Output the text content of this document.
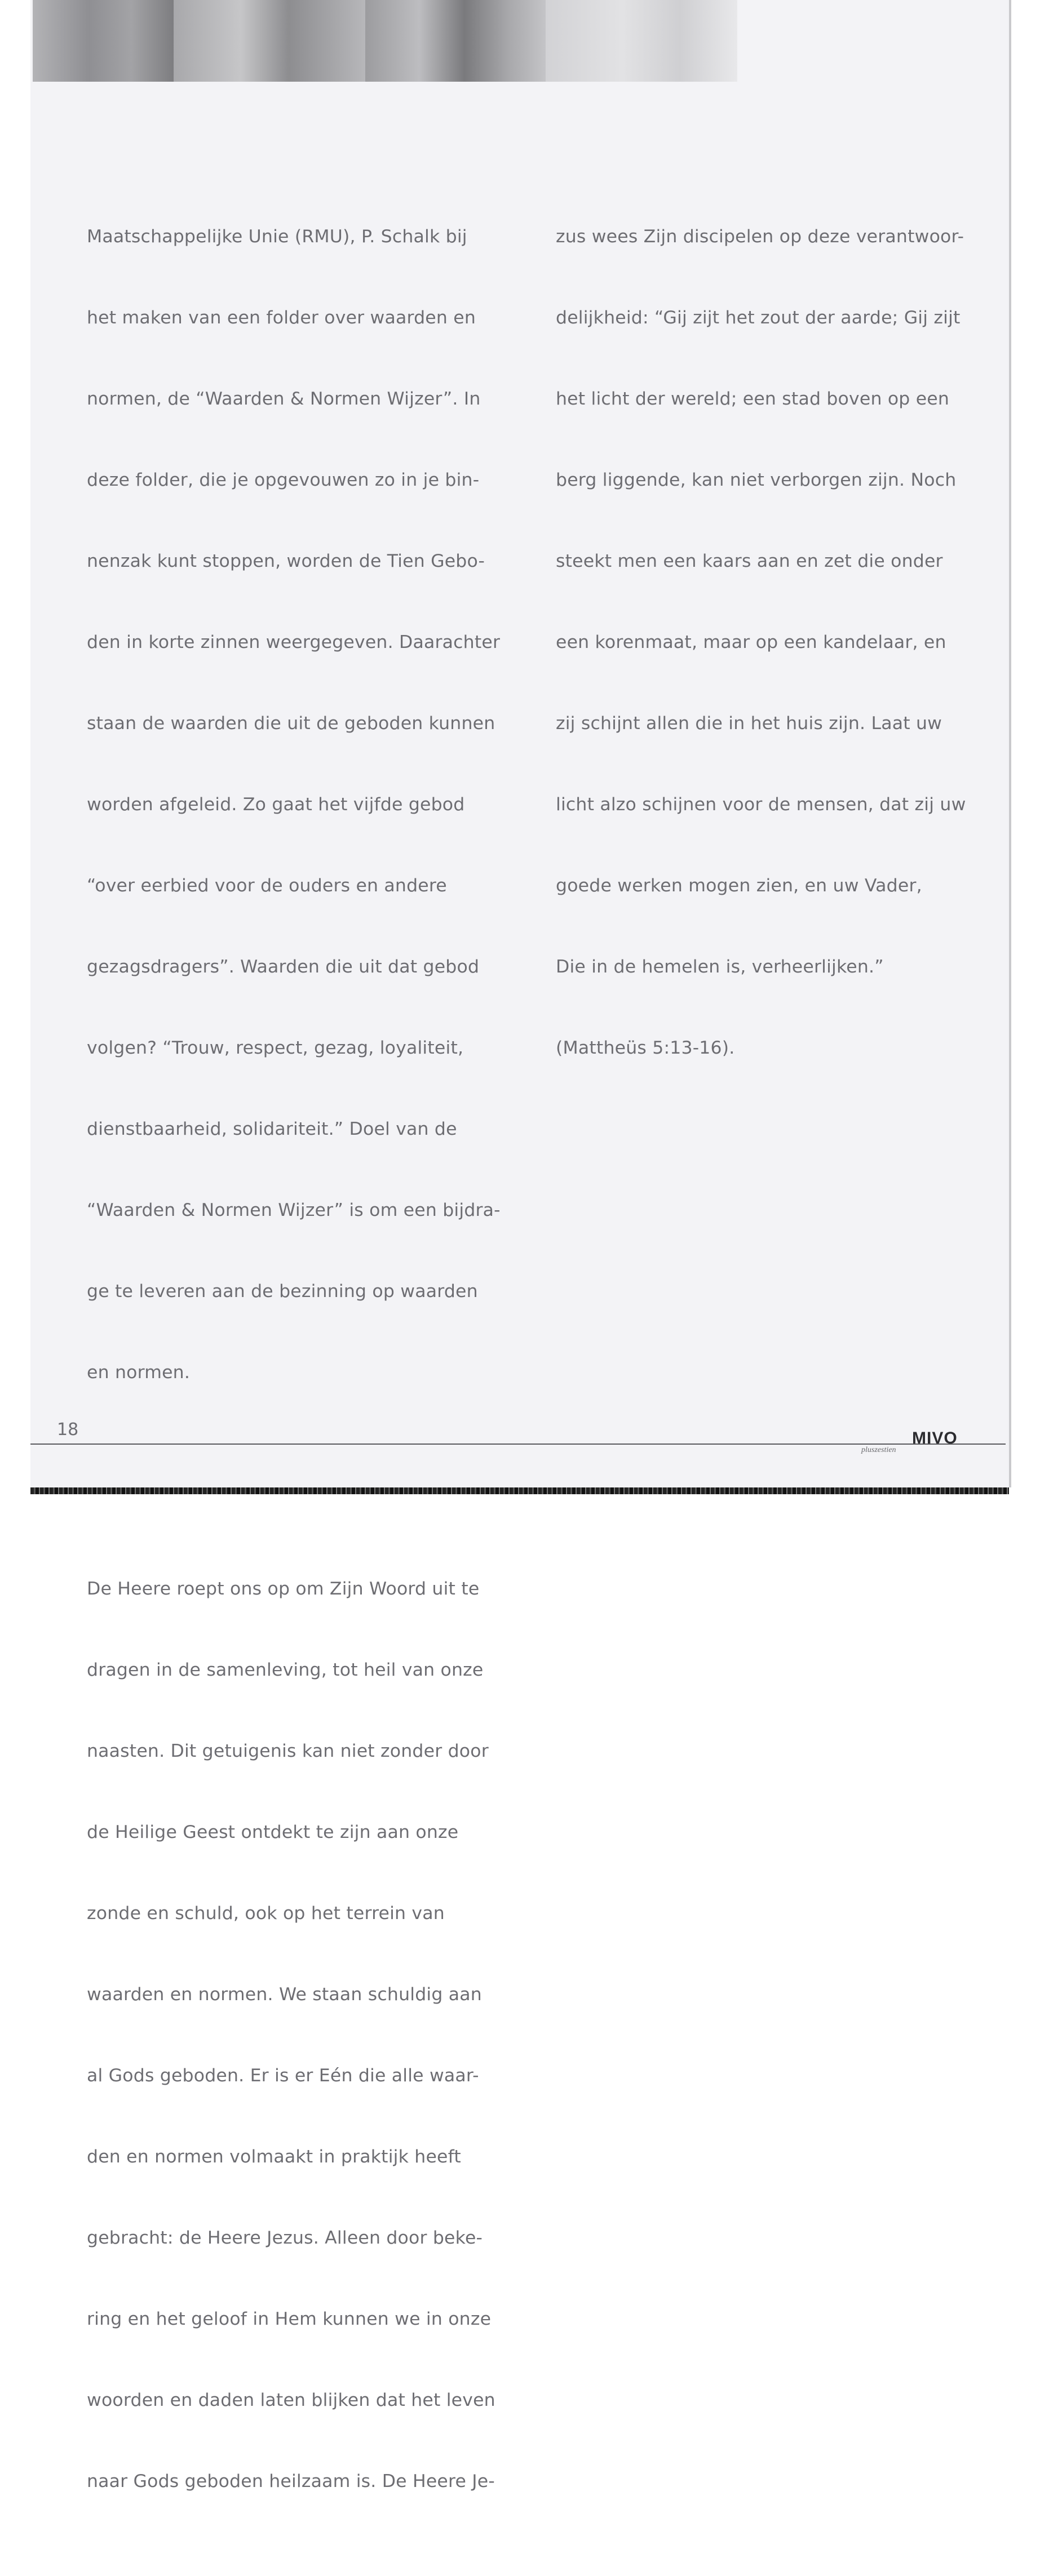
Maatschappelijke Unie (RMU), P. Schalk bij

het maken van een folder over waarden en

normen, de “Waarden & Normen Wijzer”. In

deze folder, die je opgevouwen zo in je bin-

nenzak kunt stoppen, worden de Tien Gebo-

den in korte zinnen weergegeven. Daarachter

staan de waarden die uit de geboden kunnen

worden afgeleid. Zo gaat het vijfde gebod

“over eerbied voor de ouders en andere

gezagsdragers”. Waarden die uit dat gebod

volgen? “Trouw, respect, gezag, loyaliteit,

dienstbaarheid, solidariteit.” Doel van de

“Waarden & Normen Wijzer” is om een bijdra-

ge te leveren aan de bezinning op waarden

en normen.

De Heere roept ons op om Zijn Woord uit te

dragen in de samenleving, tot heil van onze

naasten. Dit getuigenis kan niet zonder door

de Heilige Geest ontdekt te zijn aan onze

zonde en schuld, ook op het terrein van

waarden en normen. We staan schuldig aan

al Gods geboden. Er is er Eén die alle waar-

den en normen volmaakt in praktijk heeft

gebracht: de Heere Jezus. Alleen door beke-

ring en het geloof in Hem kunnen we in onze

woorden en daden laten blijken dat het leven

naar Gods geboden heilzaam is. De Heere Je-

zus wees Zijn discipelen op deze verantwoor-

delijkheid: “Gij zijt het zout der aarde; Gij zijt

het licht der wereld; een stad boven op een

berg liggende, kan niet verborgen zijn. Noch

steekt men een kaars aan en zet die onder

een korenmaat, maar op een kandelaar, en

zij schijnt allen die in het huis zijn. Laat uw

licht alzo schijnen voor de mensen, dat zij uw

goede werken mogen zien, en uw Vader,

Die in de hemelen is, verheerlijken.”

(Mattheüs 5:13-16).

18	MIVO
pluszestien
